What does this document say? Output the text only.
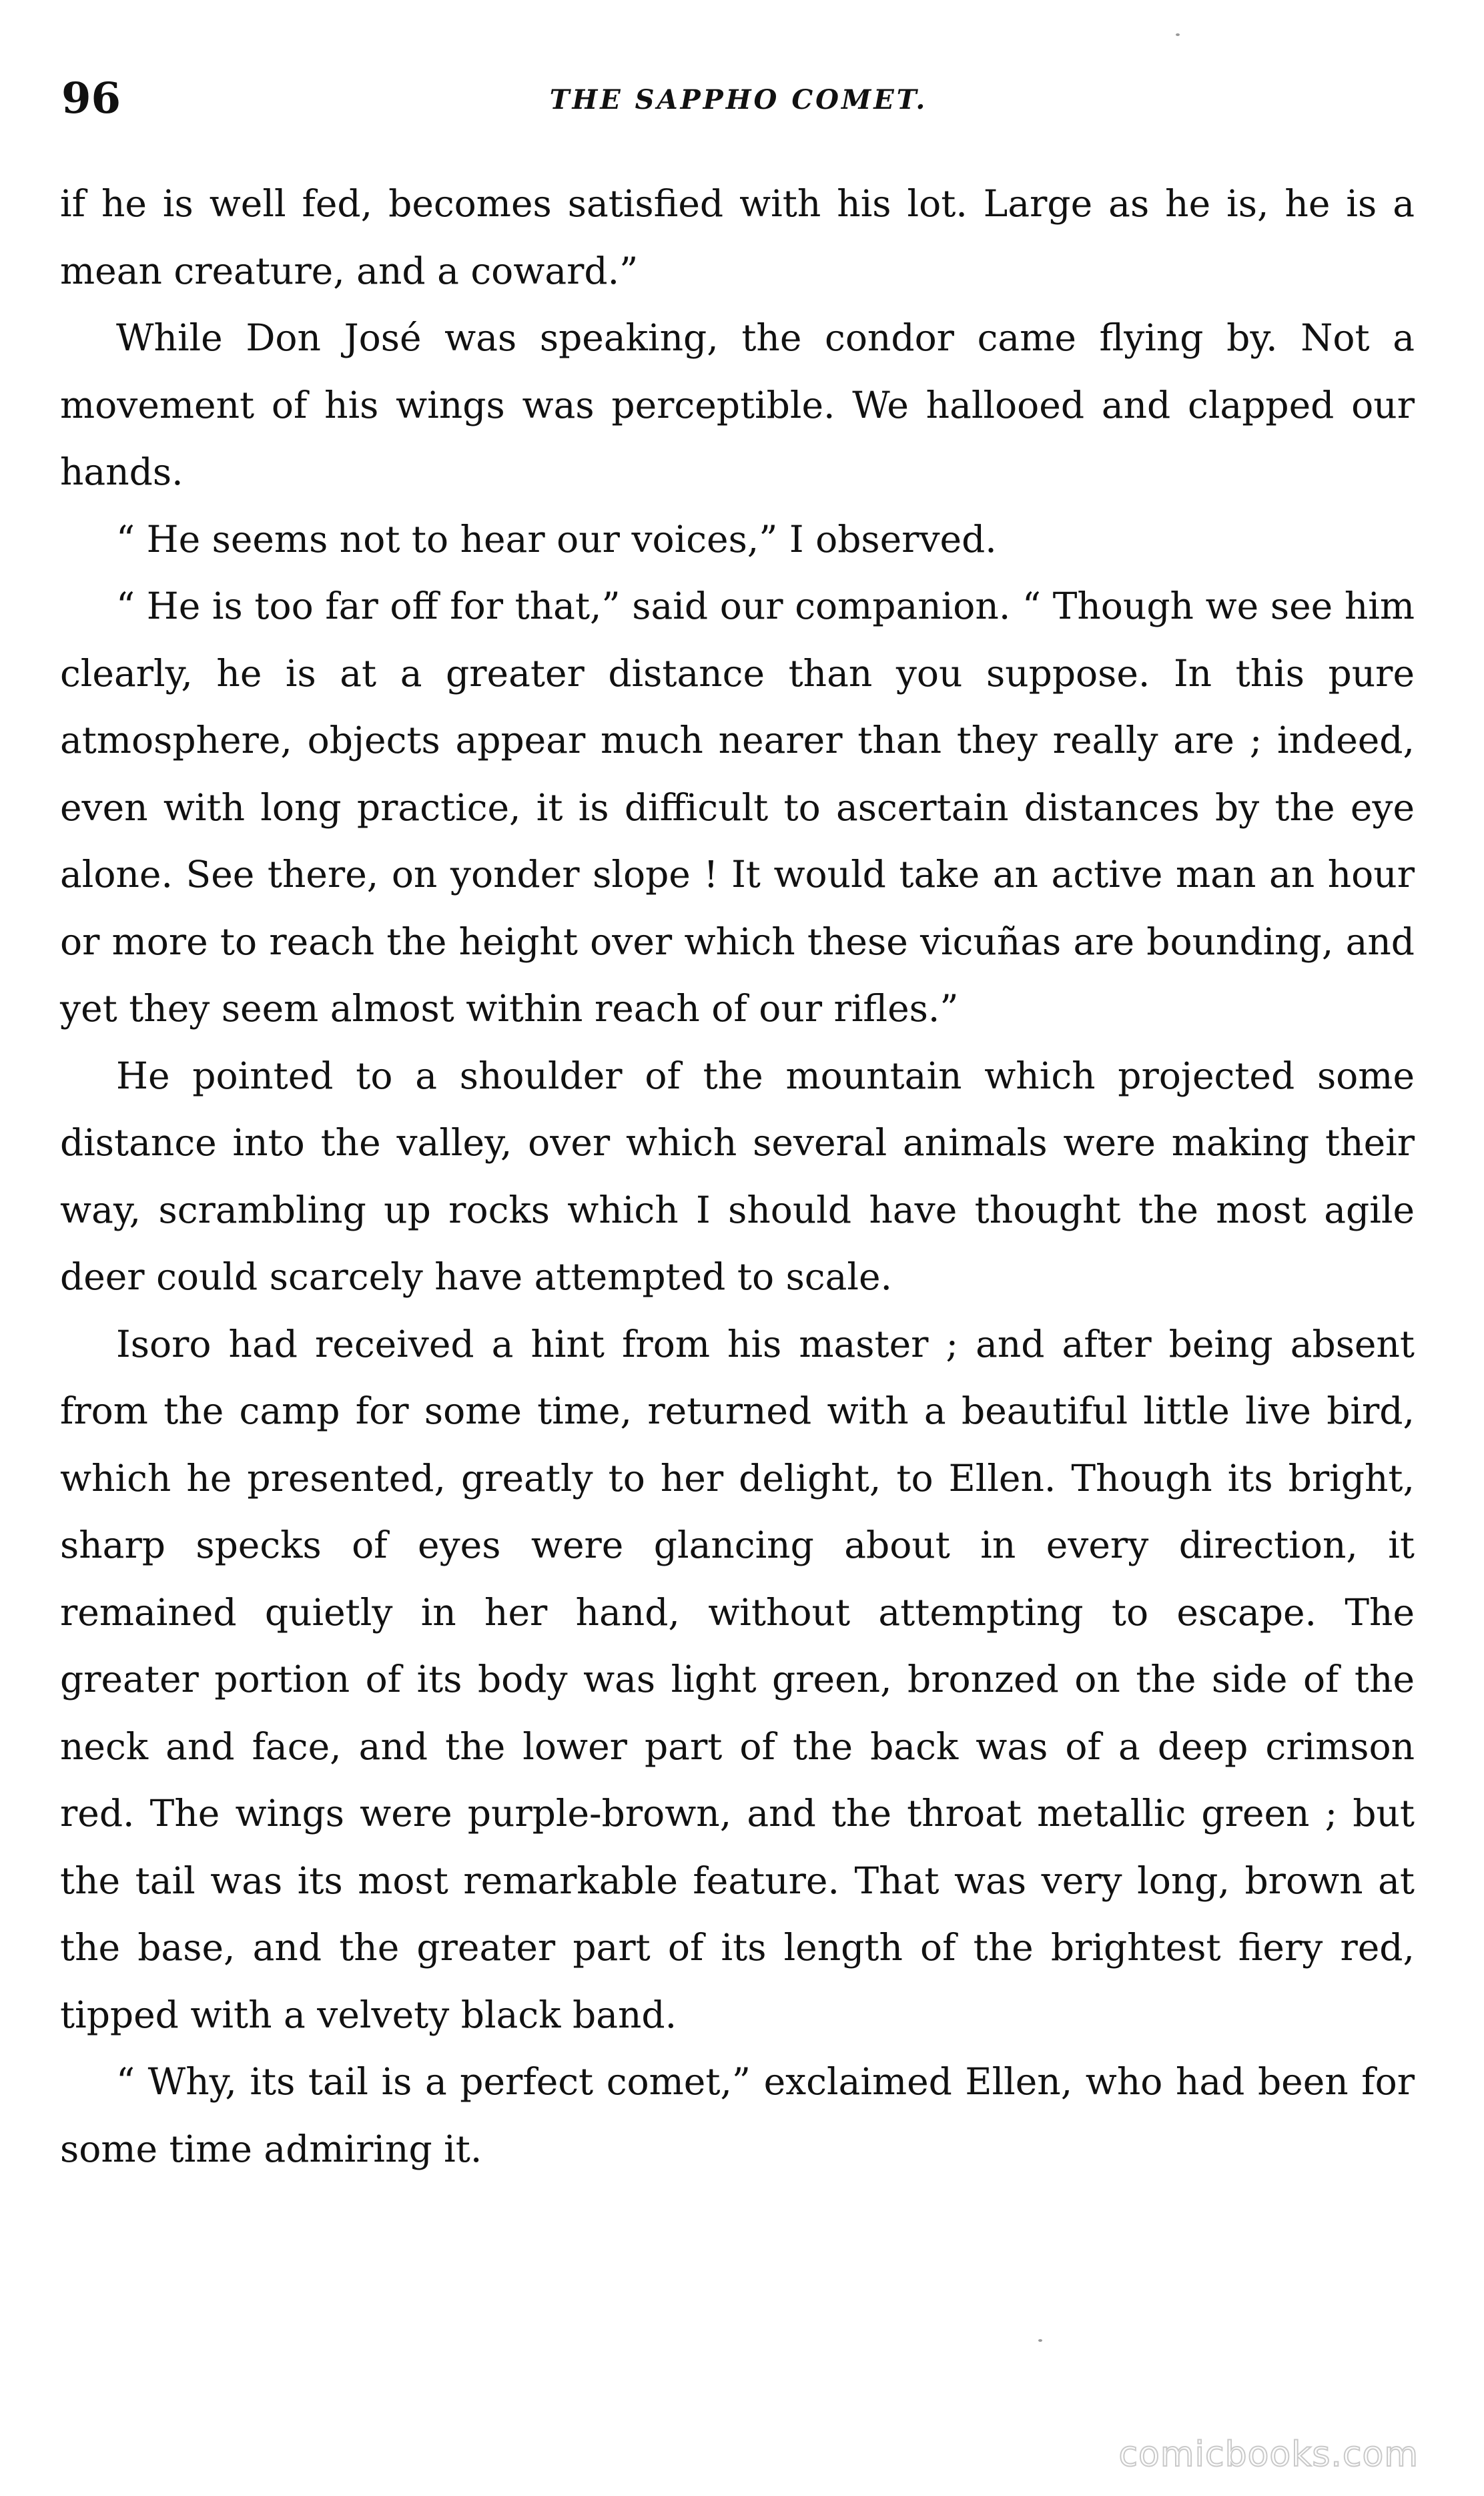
96	THE SAPPHO COMET.

if he is well fed, becomes satisfied with his lot. Large as he is, he is a mean creature, and a coward.”

While Don José was speaking, the condor came flying by. Not a movement of his wings was perceptible. We hallooed and clapped our hands.

“ He seems not to hear our voices,” I observed.

“ He is too far off for that,” said our companion. “ Though we see him clearly, he is at a greater distance than you suppose. In this pure atmosphere, objects appear much nearer than they really are ; indeed, even with long practice, it is difficult to ascertain distances by the eye alone. See there, on yonder slope ! It would take an active man an hour or more to reach the height over which these vicuñas are bounding, and yet they seem almost within reach of our rifles.”

He pointed to a shoulder of the mountain which projected some distance into the valley, over which several animals were making their way, scrambling up rocks which I should have thought the most agile deer could scarcely have attempted to scale.

Isoro had received a hint from his master ; and after being absent from the camp for some time, returned with a beautiful little live bird, which he presented, greatly to her delight, to Ellen. Though its bright, sharp specks of eyes were glancing about in every direction, it remained quietly in her hand, without attempting to escape. The greater portion of its body was light green, bronzed on the side of the neck and face, and the lower part of the back was of a deep crimson red. The wings were purple-brown, and the throat metallic green ; but the tail was its most remarkable feature. That was very long, brown at the base, and the greater part of its length of the brightest fiery red, tipped with a velvety black band.

“ Why, its tail is a perfect comet,” exclaimed Ellen, who had been for some time admiring it.

comicbooks.com
